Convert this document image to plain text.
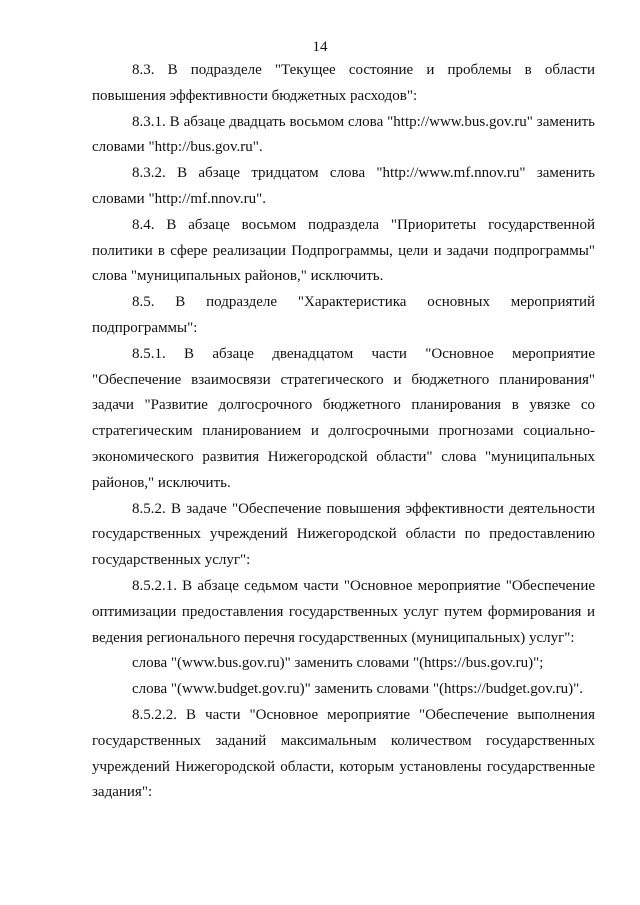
14

8.3. В подразделе "Текущее состояние и проблемы в области повышения эффективности бюджетных расходов":

8.3.1. В абзаце двадцать восьмом слова "http://www.bus.gov.ru" заменить словами "http://bus.gov.ru".

8.3.2. В абзаце тридцатом слова "http://www.mf.nnov.ru" заменить словами "http://mf.nnov.ru".

8.4. В абзаце восьмом подраздела "Приоритеты государственной политики в сфере реализации Подпрограммы, цели и задачи подпрограммы" слова "муниципальных районов," исключить.

8.5. В подразделе "Характеристика основных мероприятий подпрограммы":

8.5.1. В абзаце двенадцатом части "Основное мероприятие "Обеспечение взаимосвязи стратегического и бюджетного планирования" задачи "Развитие долгосрочного бюджетного планирования в увязке со стратегическим планированием и долгосрочными прогнозами социально-экономического развития Нижегородской области" слова "муниципальных районов," исключить.

8.5.2. В задаче "Обеспечение повышения эффективности деятельности государственных учреждений Нижегородской области по предоставлению государственных услуг":

8.5.2.1. В абзаце седьмом части "Основное мероприятие "Обеспечение оптимизации предоставления государственных услуг путем формирования и ведения регионального перечня государственных (муниципальных) услуг":

слова "(www.bus.gov.ru)" заменить словами "(https://bus.gov.ru)";

слова "(www.budget.gov.ru)" заменить словами "(https://budget.gov.ru)".

8.5.2.2. В части "Основное мероприятие "Обеспечение выполнения государственных заданий максимальным количеством государственных учреждений Нижегородской области, которым установлены государственные задания":
